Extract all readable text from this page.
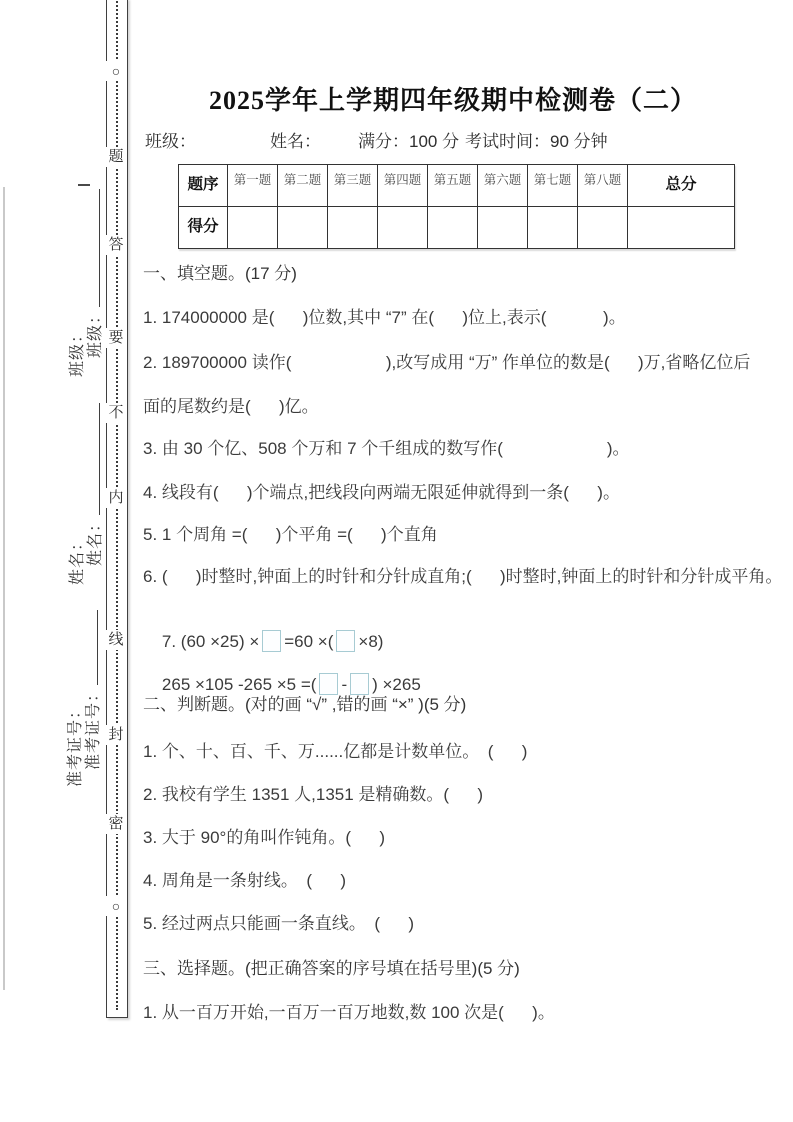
班级： 班级：
姓名： 姓名：
准考证号： 准考证号：
○
题
答
要
不
内
线
封
密
○
2025学年上学期四年级期中检测卷（二）
班级：	姓名： 满分：100 分 考试时间：90 分钟
题序	第一题	第二题	第三题	第四题	第五题	第六题	第七题	第八题	总分
得分									
一、填空题。(17 分)
1. 174000000 是(      )位数,其中 “7” 在(      )位上,表示(            )。
2. 189700000 读作(                    ),改写成用 “万” 作单位的数是(      )万,省略亿位后
面的尾数约是(      )亿。
3. 由 30 个亿、508 个万和 7 个千组成的数写作(                      )。
4. 线段有(      )个端点,把线段向两端无限延伸就得到一条(      )。
5. 1 个周角 =(      )个平角 =(      )个直角
6. (      )时整时,钟面上的时针和分针成直角;(      )时整时,钟面上的时针和分针成平角。

7. (60 ×25) × =60 ×( ×8)

265 ×105 -265 ×5 =( - ) ×265

二、判断题。(对的画 “√” ,错的画 “×” )(5 分)
1. 个、十、百、千、万......亿都是计数单位。　(      )
2. 我校有学生 1351 人,1351 是精确数。(      )
3. 大于 90°的角叫作钝角。(      )
4. 周角是一条射线。　(      )
5. 经过两点只能画一条直线。　(      )
三、选择题。(把正确答案的序号填在括号里)(5 分)
1. 从一百万开始,一百万一百万地数,数 100 次是(      )。
